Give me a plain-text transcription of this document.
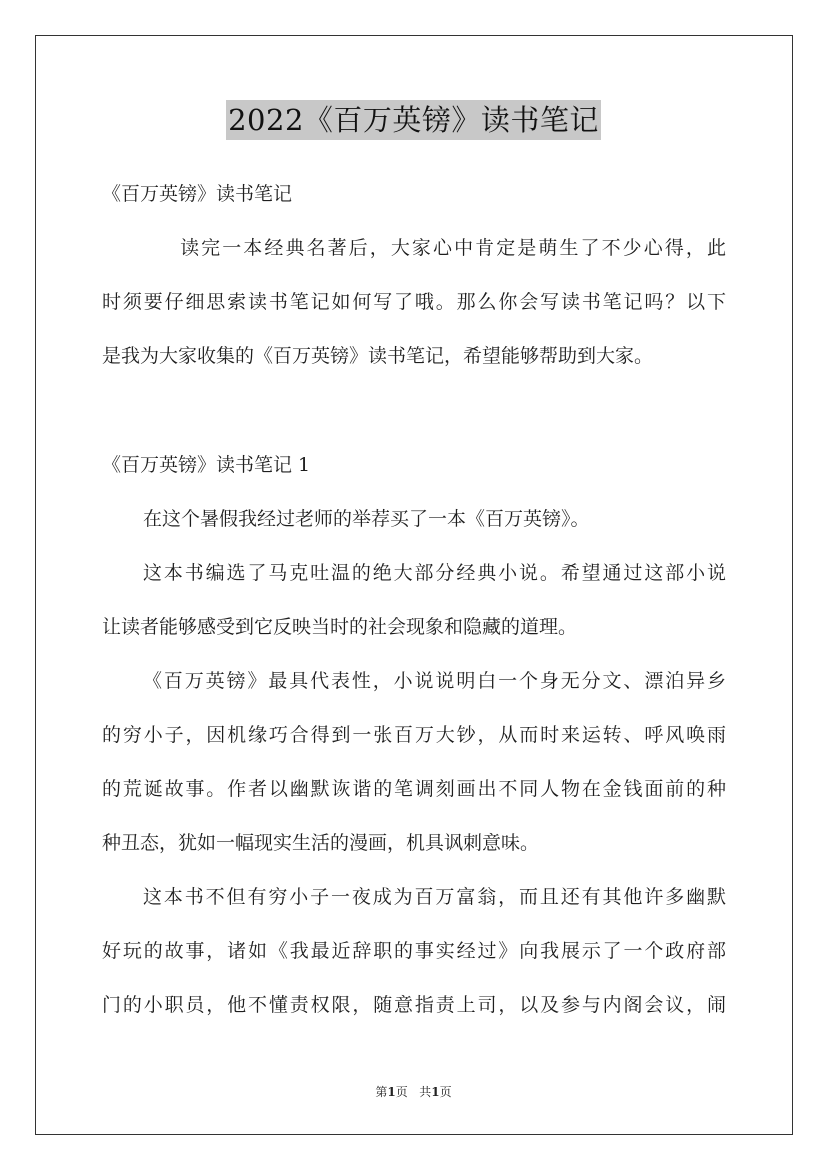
2022《百万英镑》读书笔记
《百万英镑》读书笔记
读完一本经典名著后，大家心中肯定是萌生了不少心得，此
时须要仔细思索读书笔记如何写了哦。那么你会写读书笔记吗？以下
是我为大家收集的《百万英镑》读书笔记，希望能够帮助到大家。
《百万英镑》读书笔记 1
在这个暑假我经过老师的举荐买了一本《百万英镑》。
这本书编选了马克吐温的绝大部分经典小说。希望通过这部小说
让读者能够感受到它反映当时的社会现象和隐藏的道理。
《百万英镑》最具代表性，小说说明白一个身无分文、漂泊异乡
的穷小子，因机缘巧合得到一张百万大钞，从而时来运转、呼风唤雨
的荒诞故事。作者以幽默诙谐的笔调刻画出不同人物在金钱面前的种
种丑态，犹如一幅现实生活的漫画，机具讽刺意味。
这本书不但有穷小子一夜成为百万富翁，而且还有其他许多幽默
好玩的故事，诸如《我最近辞职的事实经过》向我展示了一个政府部
门的小职员，他不懂责权限，随意指责上司，以及参与内阁会议，闹
第1页 共1页
